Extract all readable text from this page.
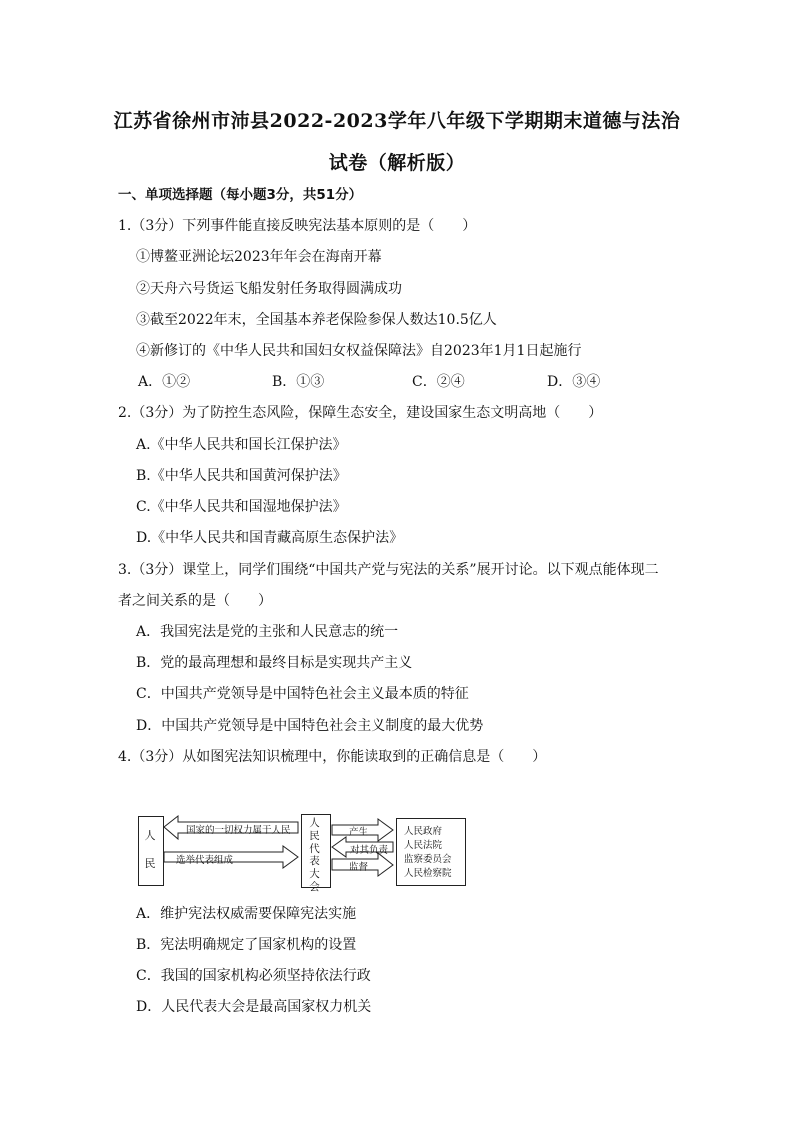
江苏省徐州市沛县2022-2023学年八年级下学期期末道德与法治
试卷（解析版）
一、单项选择题（每小题3分，共51分）
1.（3分）下列事件能直接反映宪法基本原则的是（　　）
①博鳌亚洲论坛2023年年会在海南开幕
②天舟六号货运飞船发射任务取得圆满成功
③截至2022年末，全国基本养老保险参保人数达10.5亿人
④新修订的《中华人民共和国妇女权益保障法》自2023年1月1日起施行
A．①②	B．①③	C．②④	D．③④
2.（3分）为了防控生态风险，保障生态安全，建设国家生态文明高地（　　）
A.《中华人民共和国长江保护法》
B.《中华人民共和国黄河保护法》
C.《中华人民共和国湿地保护法》
D.《中华人民共和国青藏高原生态保护法》
3.（3分）课堂上，同学们围绕“中国共产党与宪法的关系”展开讨论。以下观点能体现二
者之间关系的是（　　）
A．我国宪法是党的主张和人民意志的统一
B．党的最高理想和最终目标是实现共产主义
C．中国共产党领导是中国特色社会主义最本质的特征
D．中国共产党领导是中国特色社会主义制度的最大优势
4.（3分）从如图宪法知识梳理中，你能读取到的正确信息是（　　）
人民
人民代表大会
国家的一切权力属于人民
选举代表组成
产生
对其负责
监督
人民政府
人民法院
监察委员会
人民检察院
A．维护宪法权威需要保障宪法实施
B．宪法明确规定了国家机构的设置
C．我国的国家机构必须坚持依法行政
D．人民代表大会是最高国家权力机关
